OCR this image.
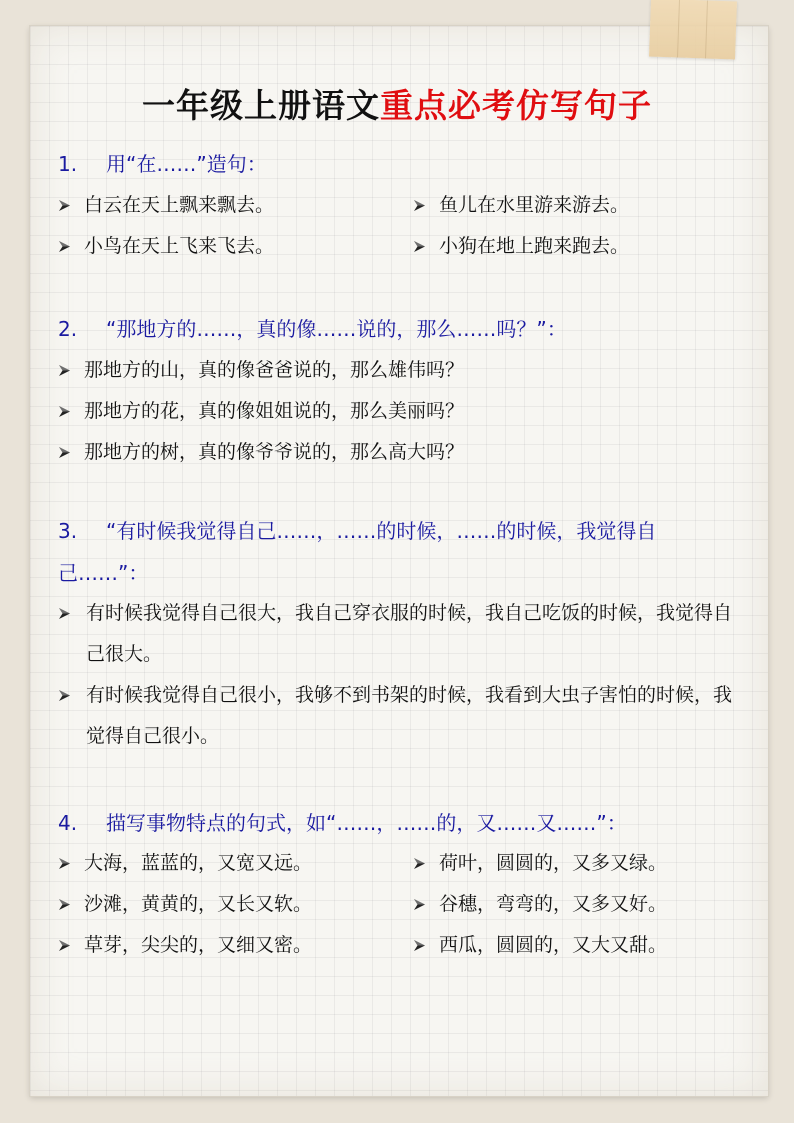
一年级上册语文重点必考仿写句子
1. 用“在……”造句：
白云在天上飘来飘去。	鱼儿在水里游来游去。
小鸟在天上飞来飞去。	小狗在地上跑来跑去。
2. “那地方的……，真的像……说的，那么……吗？”：
那地方的山，真的像爸爸说的，那么雄伟吗？
那地方的花，真的像姐姐说的，那么美丽吗？
那地方的树，真的像爷爷说的，那么高大吗？
3. “有时候我觉得自己……，……的时候，……的时候，我觉得自己……”：
有时候我觉得自己很大，我自己穿衣服的时候，我自己吃饭的时候，我觉得自己很大。
有时候我觉得自己很小，我够不到书架的时候，我看到大虫子害怕的时候，我觉得自己很小。
4. 描写事物特点的句式，如“……，……的，又……又……”：
大海，蓝蓝的，又宽又远。	荷叶，圆圆的，又多又绿。
沙滩，黄黄的，又长又软。	谷穗，弯弯的，又多又好。
草芽，尖尖的，又细又密。	西瓜，圆圆的，又大又甜。
